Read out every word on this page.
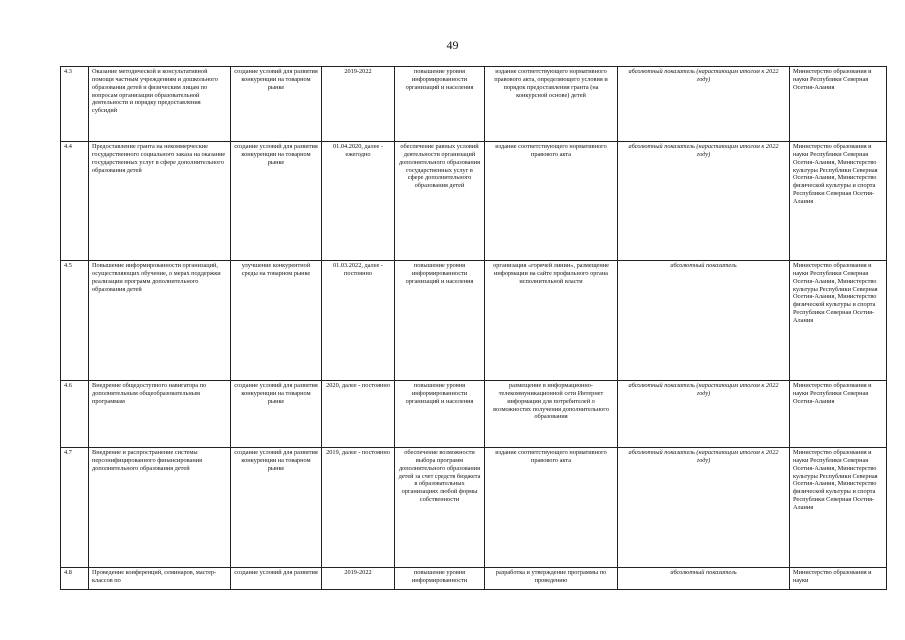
49
4.3	Оказание методической и консультативной помощи частным учреждениям и дошкольного образования детей и физическим лицам по вопросам организации образовательной деятельности и порядку предоставления субсидий	создание условий для развития конкуренции на товарном рынке	2019-2022	повышение уровня информированности организаций и населения	издание соответствующего нормативного правового акта, определяющего условия и порядок предоставления гранта (на конкурсной основе) детей	абсолютный показатель (нарастающим итогом к 2022 году)	Министерство образования и науки Республики Северная Осетия-Алания
4.4	Предоставление гранта на некоммерческие государственного социального заказа на оказание государственных услуг в сфере дополнительного образования детей	создание условий для развития конкуренции на товарном рынке	01.04.2020, далее - ежегодно	обеспечение равных условий деятельности организаций дополнительного образования государственных услуг в сфере дополнительного образования детей	издание соответствующего нормативного правового акта	абсолютный показатель (нарастающим итогом к 2022 году)	Министерство образования и науки Республики Северная Осетия-Алания, Министерство культуры Республики Северная Осетия-Алания, Министерство физической культуры и спорта Республики Северная Осетия-Алания
4.5	Повышение информированности организаций, осуществляющих обучение, о мерах поддержки реализации программ дополнительного образования детей	улучшение конкурентной среды на товарном рынке	01.03.2022, далее - постоянно	повышение уровня информированности организаций и населения	организация «горячей линии», размещение информации на сайте профильного органа исполнительной власти	абсолютный показатель	Министерство образования и науки Республики Северная Осетия-Алания, Министерство культуры Республики Северная Осетия-Алания, Министерство физической культуры и спорта Республики Северная Осетия-Алания
4.6	Внедрение общедоступного навигатора по дополнительным общеобразовательным программам	создание условий для развития конкуренции на товарном рынке	2020, далее - постоянно	повышение уровня информированности организаций и населения	размещение в информационно-телекоммуникационной сети Интернет информации для потребителей о возможностях получения дополнительного образования	абсолютный показатель (нарастающим итогом к 2022 году)	Министерство образования и науки Республики Северная Осетия-Алания
4.7	Внедрение и распространение системы персонифицированного финансирования дополнительного образования детей	создание условий для развития конкуренции на товарном рынке	2019, далее - постоянно	обеспечение возможности выбора программ дополнительного образования детей за счет средств бюджета в образовательных организациях любой формы собственности	издание соответствующего нормативного правового акта	абсолютный показатель (нарастающим итогом к 2022 году)	Министерство образования и науки Республики Северная Осетия-Алания, Министерство культуры Республики Северная Осетия-Алания, Министерство физической культуры и спорта Республики Северная Осетия-Алания
4.8	Проведение конференций, семинаров, мастер-классов по	создание условий для развития	2019-2022	повышение уровня информированности	разработка и утверждение программы по проведению	абсолютный показатель	Министерство образования и науки
